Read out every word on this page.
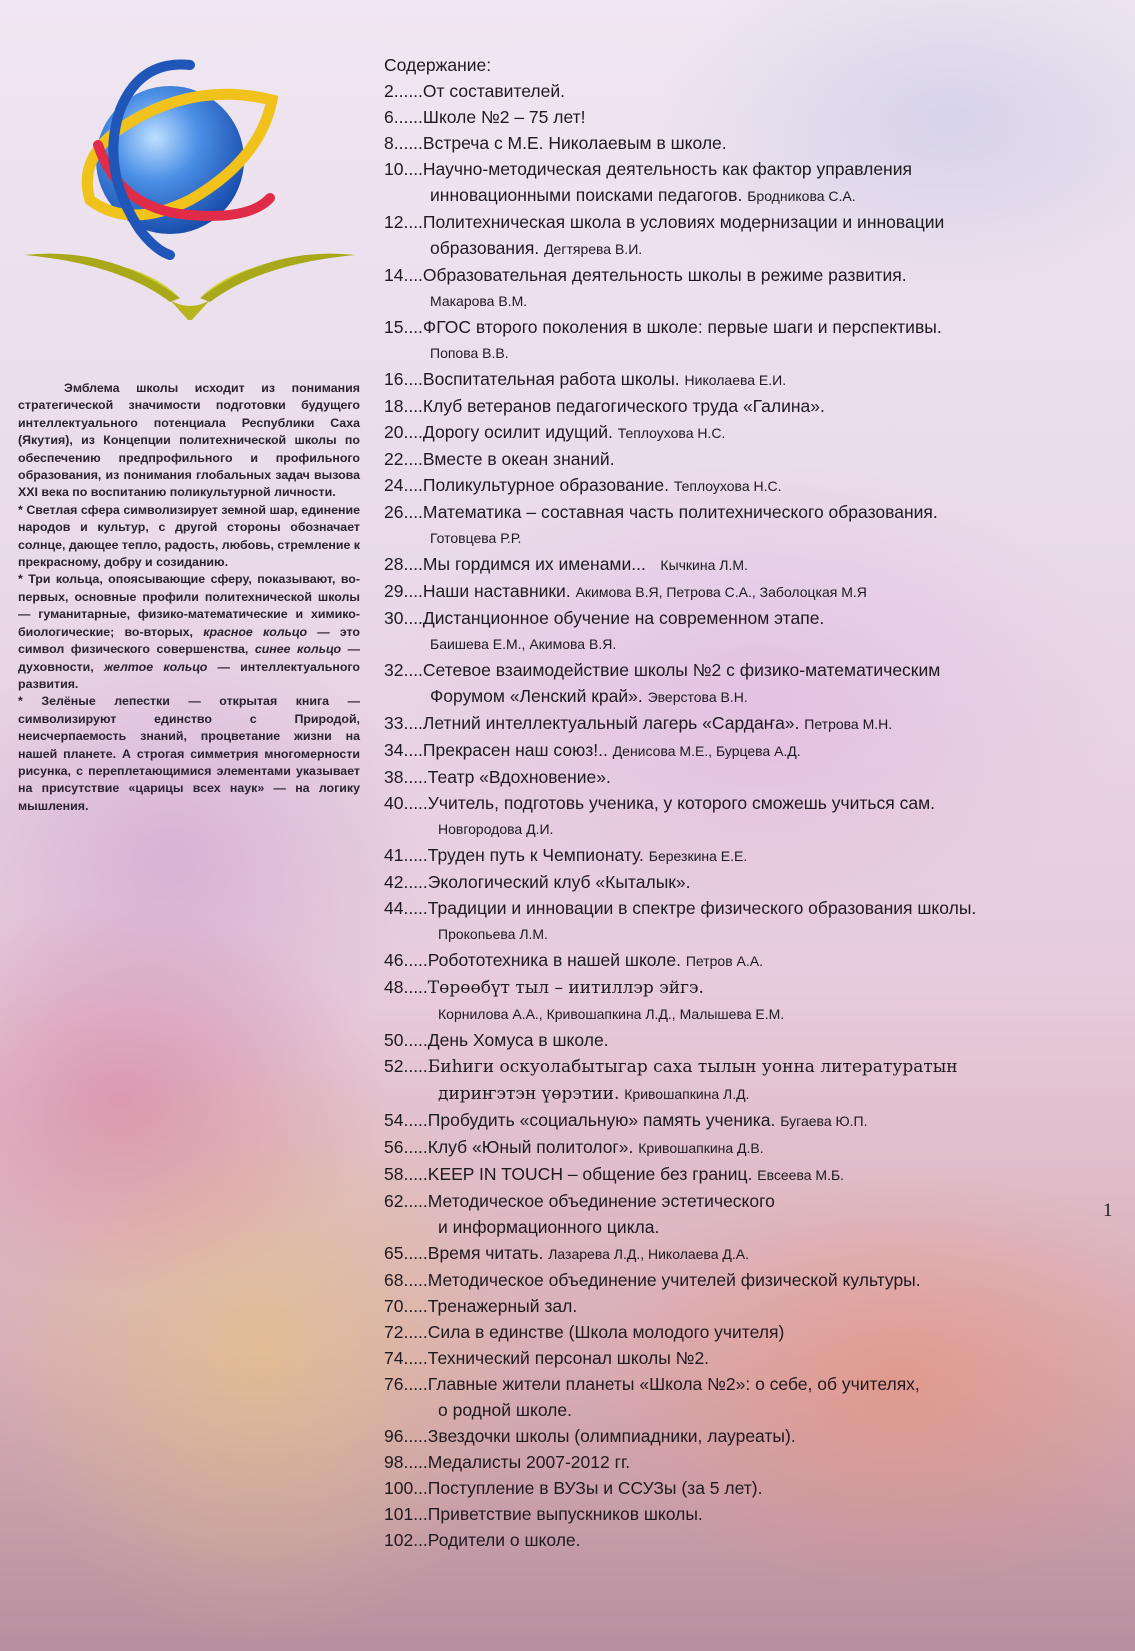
Эмблема школы исходит из понимания стратегической значимости подготовки будущего интеллектуального потенциала Республики Саха (Якутия), из Концепции политехнической школы по обеспечению предпрофильного и профильного образования, из понимания глобальных задач вызова XXI века по воспитанию поликультурной личности.

* Светлая сфера символизирует земной шар, единение народов и культур, с другой стороны обозначает солнце, дающее тепло, радость, любовь, стремление к прекрасному, добру и созиданию.

* Три кольца, опоясывающие сферу, показывают, во-первых, основные профили политехнической школы — гуманитарные, физико-математические и химико-биологические; во-вторых, красное кольцо — это символ физического совершенства, синее кольцо — духовности, желтое кольцо — интеллектуального развития.

* Зелёные лепестки — открытая книга — символизируют единство с Природой, неисчерпаемость знаний, процветание жизни на нашей планете. А строгая симметрия многомерности рисунка, с переплетающимися элементами указывает на присутствие «царицы всех наук» — на логику мышления.

Содержание:
2......От составителей.
6......Школе №2 – 75 лет!
8......Встреча с М.Е. Николаевым в школе.
10....Научно-методическая деятельность как фактор управления
инновационными поисками педагогов. Бродникова С.А.
12....Политехническая школа в условиях модернизации и инновации
образования. Дегтярева В.И.
14....Образовательная деятельность школы в режиме развития.
Макарова В.М.
15....ФГОС второго поколения в школе: первые шаги и перспективы.
Попова В.В.
16....Воспитательная работа школы. Николаева Е.И.
18....Клуб ветеранов педагогического труда «Галина».
20....Дорогу осилит идущий. Теплоухова Н.С.
22....Вместе в океан знаний.
24....Поликультурное образование. Теплоухова Н.С.
26....Математика – составная часть политехнического образования.
Готовцева Р.Р.
28....Мы гордимся их именами... Кычкина Л.М.
29....Наши наставники. Акимова В.Я, Петрова С.А., Заболоцкая М.Я
30....Дистанционное обучение на современном этапе.
Баишева Е.М., Акимова В.Я.
32....Сетевое взаимодействие школы №2 с физико-математическим
Форумом «Ленский край». Эверстова В.Н.
33....Летний интеллектуальный лагерь «Сардаҥа». Петрова М.Н.
34....Прекрасен наш союз!.. Денисова М.Е., Бурцева А.Д.
38.....Театр «Вдохновение».
40.....Учитель, подготовь ученика, у которого сможешь учиться сам.
Новгородова Д.И.
41.....Труден путь к Чемпионату. Березкина Е.Е.
42.....Экологический клуб «Кыталык».
44.....Традиции и инновации в спектре физического образования школы.
Прокопьева Л.М.
46.....Робототехника в нашей школе. Петров А.А.
48.....Төрөөбүт тыл – иитиллэр эйгэ.
Корнилова А.А., Кривошапкина Л.Д., Малышева Е.М.
50.....День Хомуса в школе.
52.....Биһиги оскуолабытыгар саха тылын уонна литературатын
дириҥэтэн үөрэтии. Кривошапкина Л.Д.
54.....Пробудить «социальную» память ученика. Бугаева Ю.П.
56.....Клуб «Юный политолог». Кривошапкина Д.В.
58.....KEEP IN TOUCH – общение без границ. Евсеева М.Б.
62.....Методическое объединение эстетического
и информационного цикла.
65.....Время читать. Лазарева Л.Д., Николаева Д.А.
68.....Методическое объединение учителей физической культуры.
70.....Тренажерный зал.
72.....Сила в единстве (Школа молодого учителя)
74.....Технический персонал школы №2.
76.....Главные жители планеты «Школа №2»: о себе, об учителях,
о родной школе.
96.....Звездочки школы (олимпиадники, лауреаты).
98.....Медалисты 2007-2012 гг.
100...Поступление в ВУЗы и ССУЗы (за 5 лет).
101...Приветствие выпускников школы.
102...Родители о школе.
1
